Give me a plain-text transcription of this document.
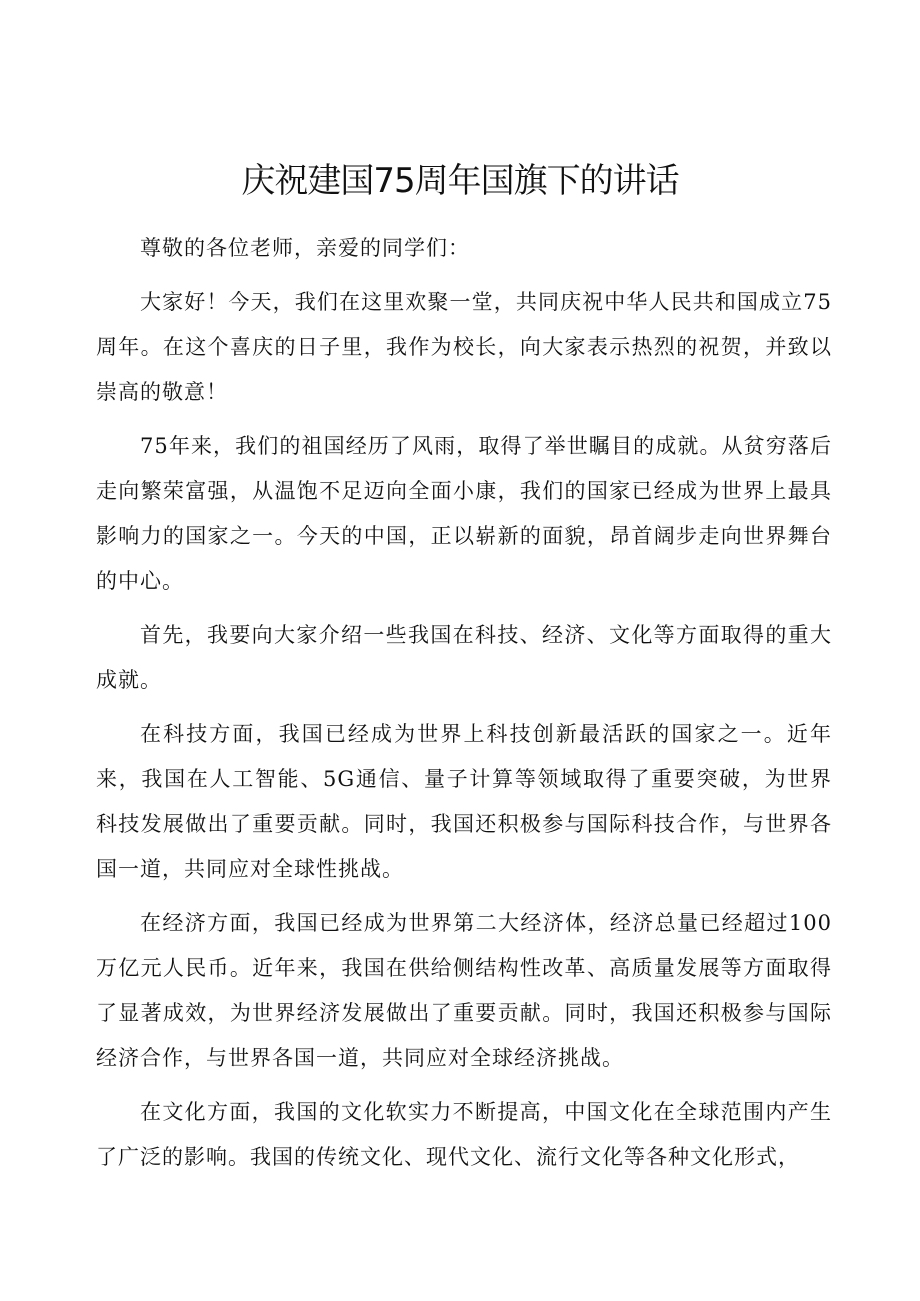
庆祝建国75周年国旗下的讲话

尊敬的各位老师，亲爱的同学们：

大家好！今天，我们在这里欢聚一堂，共同庆祝中华人民共和国成立75周年。在这个喜庆的日子里，我作为校长，向大家表示热烈的祝贺，并致以崇高的敬意！

75年来，我们的祖国经历了风雨，取得了举世瞩目的成就。从贫穷落后走向繁荣富强，从温饱不足迈向全面小康，我们的国家已经成为世界上最具影响力的国家之一。今天的中国，正以崭新的面貌，昂首阔步走向世界舞台的中心。

首先，我要向大家介绍一些我国在科技、经济、文化等方面取得的重大成就。

在科技方面，我国已经成为世界上科技创新最活跃的国家之一。近年来，我国在人工智能、5G通信、量子计算等领域取得了重要突破，为世界科技发展做出了重要贡献。同时，我国还积极参与国际科技合作，与世界各国一道，共同应对全球性挑战。

在经济方面，我国已经成为世界第二大经济体，经济总量已经超过100万亿元人民币。近年来，我国在供给侧结构性改革、高质量发展等方面取得了显著成效，为世界经济发展做出了重要贡献。同时，我国还积极参与国际经济合作，与世界各国一道，共同应对全球经济挑战。

在文化方面，我国的文化软实力不断提高，中国文化在全球范围内产生了广泛的影响。我国的传统文化、现代文化、流行文化等各种文化形式，
